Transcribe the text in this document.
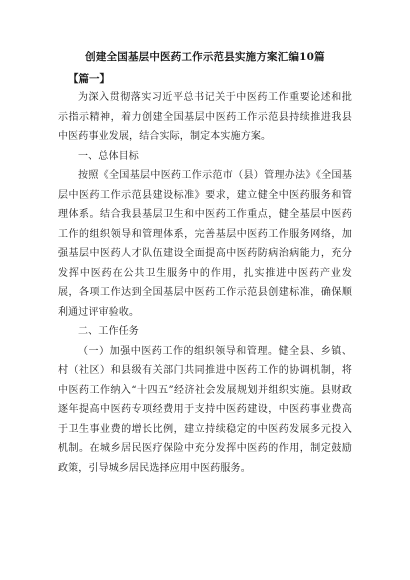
创建全国基层中医药工作示范县实施方案汇编10篇
【篇一】

为深入贯彻落实习近平总书记关于中医药工作重要论述和批示指示精神，着力创建全国基层中医药工作示范县持续推进我县中医药事业发展，结合实际，制定本实施方案。

一、总体目标

按照《全国基层中医药工作示范市（县）管理办法》《全国基层中医药工作示范县建设标准》要求，建立健全中医药服务和管理体系。结合我县基层卫生和中医药工作重点，健全基层中医药工作的组织领导和管理体系，完善基层中医药工作服务网络，加强基层中医药人才队伍建设全面提高中医药防病治病能力，充分发挥中医药在公共卫生服务中的作用，扎实推进中医药产业发展，各项工作达到全国基层中医药工作示范县创建标准，确保顺利通过评审验收。

二、工作任务

（一）加强中医药工作的组织领导和管理。健全县、乡镇、村（社区）和县级有关部门共同推进中医药工作的协调机制，将中医药工作纳入“十四五”经济社会发展规划并组织实施。县财政逐年提高中医药专项经费用于支持中医药建设，中医药事业费高于卫生事业费的增长比例，建立持续稳定的中医药发展多元投入机制。在城乡居民医疗保险中充分发挥中医药的作用，制定鼓励政策，引导城乡居民选择应用中医药服务。
